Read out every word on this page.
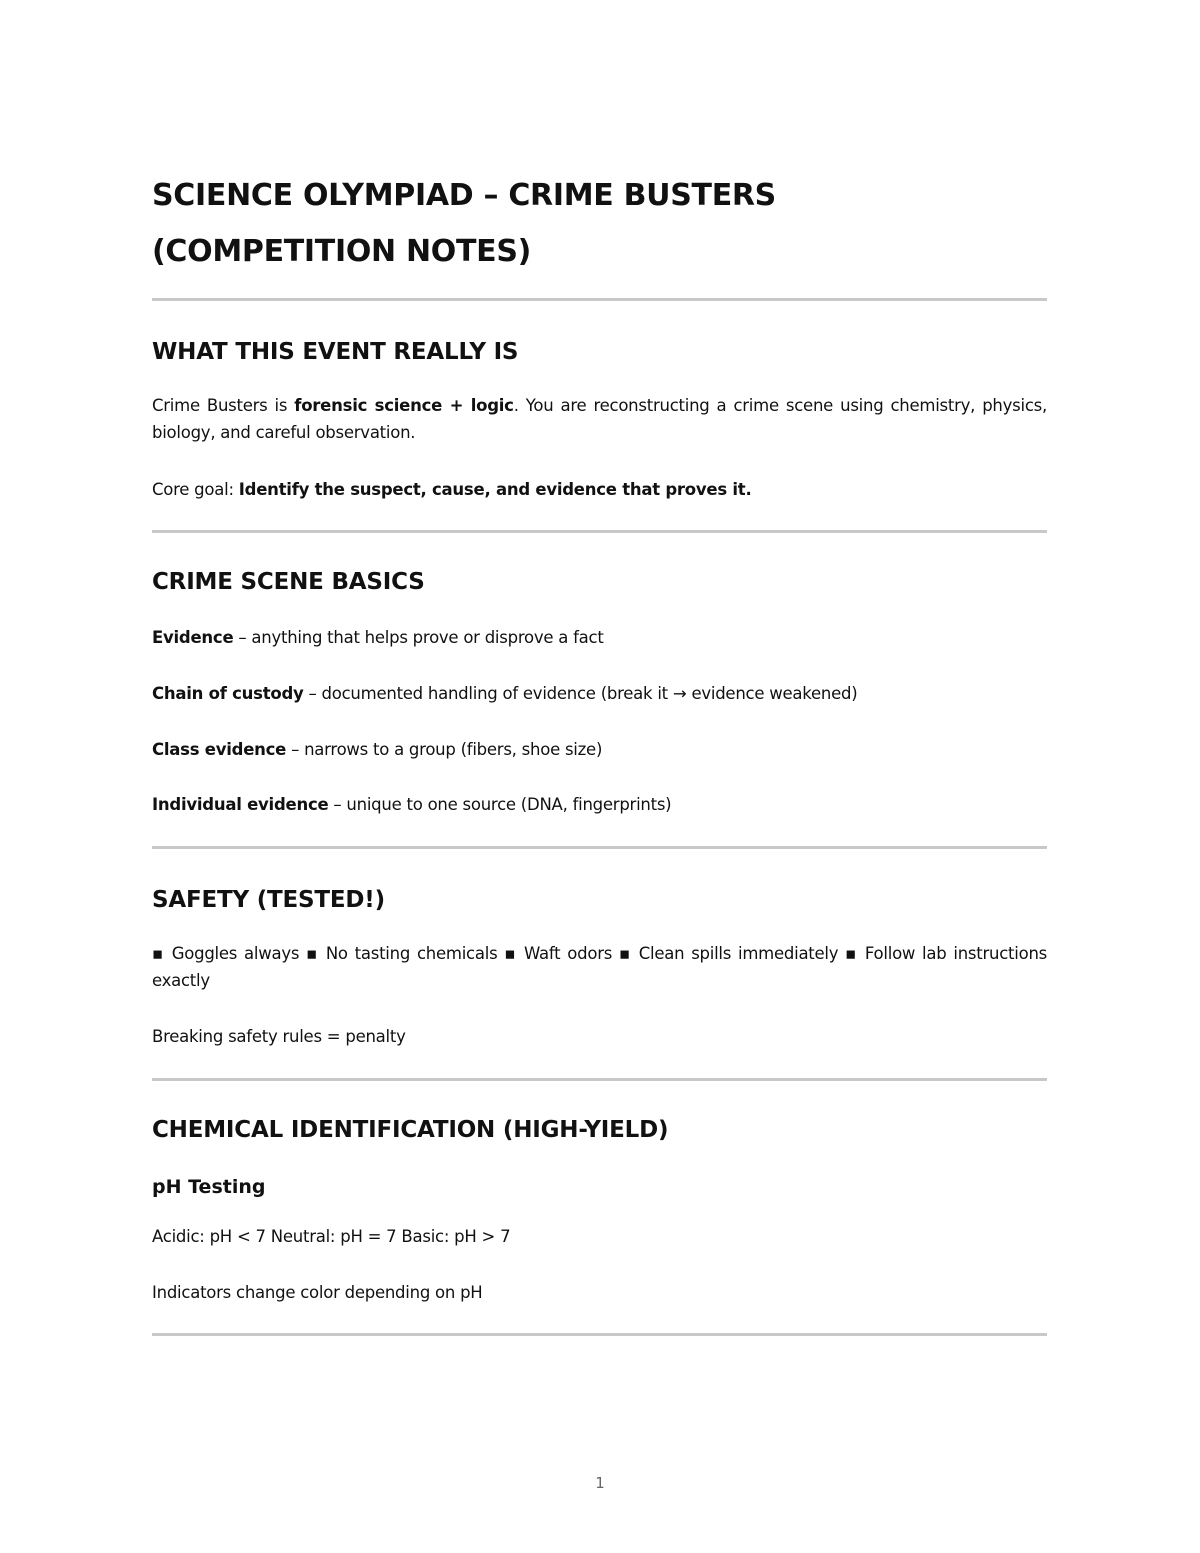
SCIENCE OLYMPIAD – CRIME BUSTERS
(COMPETITION NOTES)
WHAT THIS EVENT REALLY IS

Crime Busters is forensic science + logic. You are reconstructing a crime scene using chemistry, physics, biology, and careful observation.

Core goal: Identify the suspect, cause, and evidence that proves it.

CRIME SCENE BASICS

Evidence – anything that helps prove or disprove a fact

Chain of custody – documented handling of evidence (break it → evidence weakened)

Class evidence – narrows to a group (fibers, shoe size)

Individual evidence – unique to one source (DNA, fingerprints)

SAFETY (TESTED!)

▪ Goggles always ▪ No tasting chemicals ▪ Waft odors ▪ Clean spills immediately ▪ Follow lab instructions exactly

Breaking safety rules = penalty

CHEMICAL IDENTIFICATION (HIGH-YIELD)
pH Testing

Acidic: pH < 7 Neutral: pH = 7 Basic: pH > 7

Indicators change color depending on pH

1
